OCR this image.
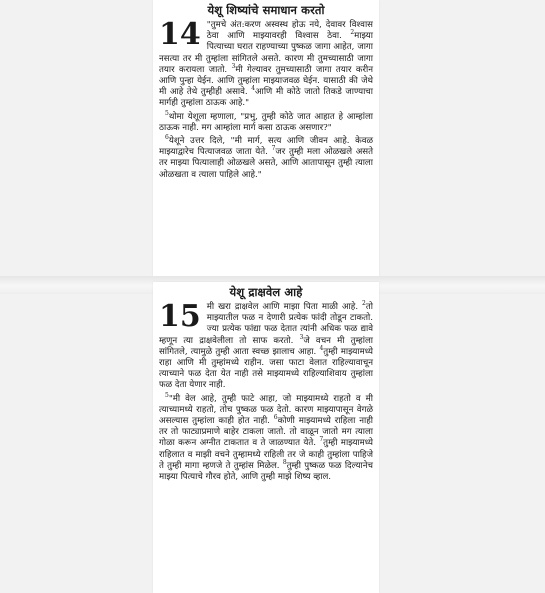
येशू शिष्यांचे समाधान करतो

14 "तुमचे अंत:करण अस्वस्थ होऊ नये, देवावर विश्वास ठेवा आणि माझ्यावरही विश्वास ठेवा. $^2$माझ्या पित्याच्या घरात राहण्याच्या पुष्कळ जागा आहेत, जागा नसत्या तर मी तुम्हांला सांगितले असते. कारण मी तुमच्यासाठी जागा तयार करायला जातो. $^3$मी गेल्यावर तुमच्यासाठी जागा तयार करीन आणि पुन्हा येईन. आणि तुम्हांला माझ्याजवळ घेईन. यासाठी की जेथे मी आहे तेथे तुम्हीही असावे. $^4$आणि मी कोठे जातो तिकडे जाण्याचा मार्गही तुम्हांला ठाऊक आहे."

$^5$थोमा येशूला म्हणाला, "प्रभु, तुम्ही कोठे जात आहात हे आम्हांला ठाऊक नाही. मग आम्हांला मार्ग कसा ठाऊक असणार?"

$^6$येशूने उत्तर दिले, "मी मार्ग, सत्य आणि जीवन आहे. केवळ माझ्याद्वारेच पित्याजवळ जाता येते. $^7$जर तुम्ही मला ओळखले असते तर माझ्या पित्यालाही ओळखले असते, आणि आतापासून तुम्ही त्याला ओळखता व त्याला पाहिले आहे."

येशू द्राक्षवेल आहे

15 मी खरा द्राक्षवेल आणि माझा पिता माळी आहे. $^2$तो माझ्यातील फळ न देणारी प्रत्येक फांदी तोडून टाकतो. ज्या प्रत्येक फांद्या फळ देतात त्यांनी अधिक फळ द्यावे म्हणून त्या द्राक्षवेलीला तो साफ करतो. $^3$जे वचन मी तुम्हांला सांगितले, त्यामुळे तुम्ही आता स्वच्छ झालाच आहा. $^4$तुम्ही माझ्यामध्ये राहा आणि मी तुम्हांमध्ये राहीन. जसा फाटा वेलात राहिल्यावाचून त्याच्याने फळ देता येत नाही तसे माझ्यामध्ये राहिल्याशिवाय तुम्हांला फळ देता येणार नाही.

$^5$"मी वेल आहे, तुम्ही फाटे आहा, जो माझ्यामध्ये राहतो व मी त्याच्यामध्ये राहतो, तोच पुष्कळ फळ देतो. कारण माझ्यापासून वेगळे असल्यास तुम्हांला काही होत नाही. $^6$कोणी माझ्यामध्ये राहिला नाही तर तो फाट्याप्रमाणे बाहेर टाकला जातो. तो वाळून जातो मग त्याला गोळा करून अग्नीत टाकतात व ते जाळण्यात येते. $^7$तुम्ही माझ्यामध्ये राहिलात व माझी वचने तुम्हामध्ये राहिली तर जे काही तुम्हांला पाहिजे ते तुम्ही मागा म्हणजे ते तुम्हांस मिळेल. $^8$तुम्ही पुष्कळ फळ दिल्यानेच माझ्या पित्याचे गौरव होते, आणि तुम्ही माझे शिष्य व्हाल.
